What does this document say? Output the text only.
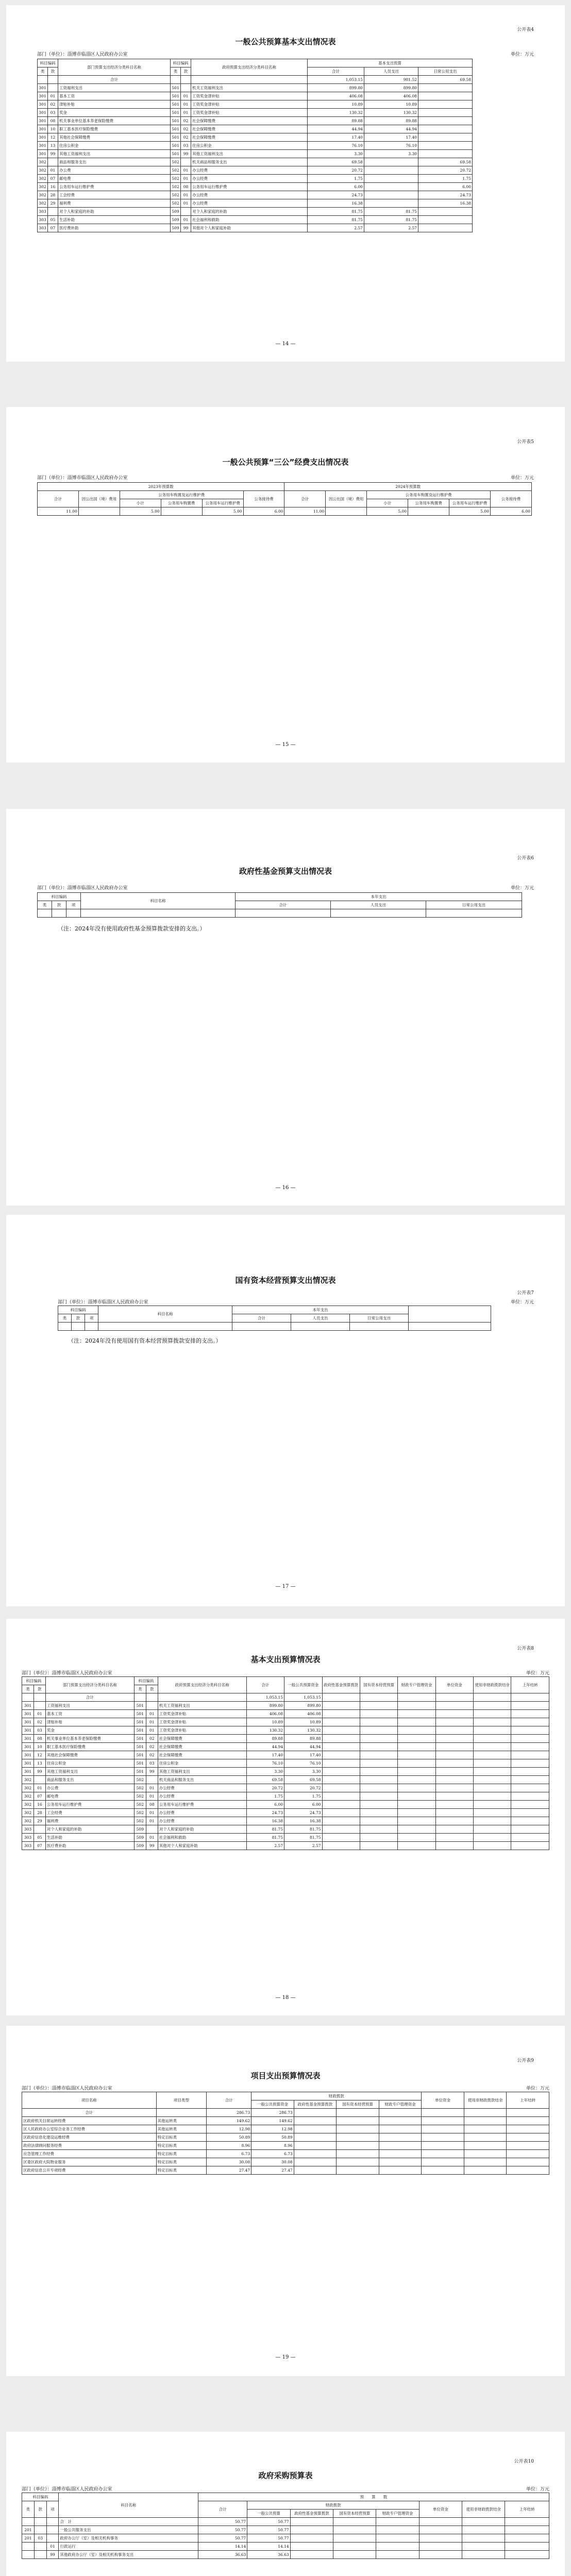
公开表4
一般公共预算基本支出情况表
部门（单位）：淄博市临淄区人民政府办公室	单位：万元
科目编码		部门预算支出经济分类科目名称	科目编码		政府预算支出经济分类科目名称	基本支出预算		
类	款		类	款		合计	人员支出	日常公用支出
		合计				1,053.15	981.52	69.58
301		工资福利支出	501		机关工资福利支出	899.80	899.80	
301	01	基本工资	501	01	工资奖金津补贴	406.08	406.08	
301	02	津贴补贴	501	01	工资奖金津补贴	10.89	10.89	
301	03	奖金	501	01	工资奖金津补贴	130.32	130.32	
301	08	机关事业单位基本养老保险缴费	501	02	社会保障缴费	89.88	89.88	
301	10	职工基本医疗保险缴费	501	02	社会保障缴费	44.94	44.94	
301	12	其他社会保障缴费	501	02	社会保障缴费	17.40	17.40	
301	13	住房公积金	501	03	住房公积金	76.10	76.10	
301	99	其他工资福利支出	501	99	其他工资福利支出	3.30	3.30	
302		商品和服务支出	502		机关商品和服务支出	69.58		69.58
302	01	办公费	502	01	办公经费	20.72		20.72
302	07	邮电费	502	01	办公经费	1.75		1.75
302	16	公务用车运行维护费	502	08	公务用车运行维护费	6.00		6.00
302	28	工会经费	502	01	办公经费	24.73		24.73
302	29	福利费	502	01	办公经费	16.38		16.38
303		对个人和家庭的补助	509		对个人和家庭的补助	81.75	81.75	
303	05	生活补助	509	01	社会福利和救助	81.75	81.75	
303	07	医疗费补助	509	99	其他对个人和家庭补助	2.57	2.57	
— 14 —
公开表5
一般公共预算“三公”经费支出情况表
部门（单位）：淄博市临淄区人民政府办公室	单位：万元
2023年预算数						2024年预算数					
合计	因公出国（境）费用	公务用车购置及运行维护费			公务接待费	合计	因公出国（境）费用	公务用车购置及运行维护费			公务接待费
		小计	公务用车购置费	公务用车运行维护费				小计	公务用车购置费	公务用车运行维护费	
11.00		5.00		5.00	6.00	11.00		5.00		5.00	6.00
— 15 —
公开表6
政府性基金预算支出情况表
部门（单位）：淄博市临淄区人民政府办公室	单位：万元
科目编码			科目名称	本年支出		
类	款	项		合计	人员支出	日常公用支出

（注：2024年没有使用政府性基金预算拨款安排的支出。）
— 16 —
公开表7
国有资本经营预算支出情况表
部门（单位）：淄博市临淄区人民政府办公室	单位：万元
科目编码			科目名称	本年支出			
类	款	项		合计	人员支出	日常公用支出	

（注：2024年没有使用国有资本经营预算拨款安排的支出。）
— 17 —
公开表8
基本支出预算情况表
部门（单位）：淄博市临淄区人民政府办公室	单位：万元
科目编码		部门预算支出经济分类科目名称	科目编码		政府预算支出经济分类科目名称	合计	一般公共预算资金	政府性基金预算拨款	国有资本经营预算	财政专户管理资金	单位资金	使用非财政拨款结余	上年结转
类	款		类	款									
		合计				1,053.15	1,053.15						
301		工资福利支出	501		机关工资福利支出	899.80	899.80						
301	01	基本工资	501	01	工资奖金津补贴	406.08	406.08						
301	02	津贴补贴	501	01	工资奖金津补贴	10.89	10.89						
301	03	奖金	501	01	工资奖金津补贴	130.32	130.32						
301	08	机关事业单位基本养老保险缴费	501	02	社会保障缴费	89.88	89.88						
301	10	职工基本医疗保险缴费	501	02	社会保障缴费	44.94	44.94						
301	12	其他社会保障缴费	501	02	社会保障缴费	17.40	17.40						
301	13	住房公积金	501	03	住房公积金	76.10	76.10						
301	99	其他工资福利支出	501	99	其他工资福利支出	3.30	3.30						
302		商品和服务支出	502		机关商品和服务支出	69.58	69.58						
302	01	办公费	502	01	办公经费	20.72	20.72						
302	07	邮电费	502	01	办公经费	1.75	1.75						
302	16	公务用车运行维护费	502	08	公务用车运行维护费	6.00	6.00						
302	28	工会经费	502	01	办公经费	24.73	24.73						
302	29	福利费	502	01	办公经费	16.38	16.38						
303		对个人和家庭的补助	509		对个人和家庭的补助	81.75	81.75						
303	05	生活补助	509	01	社会福利和救助	81.75	81.75						
303	07	医疗费补助	509	99	其他对个人和家庭补助	2.57	2.57						
— 18 —
公开表9
项目支出预算情况表
部门（单位）：淄博市临淄区人民政府办公室	单位：万元
项目名称	项目类型	合计	财政拨款				单位资金	使用非财政拨款结余	上年结转
			一般公共预算资金	政府性基金预算拨款	国有资本经营预算	财政专户管理资金			
合计		286.73	286.73						
区政府机关日常运转经费	其他运转类	149.62	149.62						
区人民政府办公室综合业务工作经费	其他运转类	12.98	12.98						
区政府信息化建设运维经费	特定目标类	50.89	50.89						
政府法律顾问服务经费	特定目标类	8.96	8.96						
应急管理工作经费	特定目标类	6.73	6.73						
区委区政府大院物业服务	特定目标类	30.08	30.08						
区政府信息公开专项经费	特定目标类	27.47	27.47						
— 19 —
公开表10
政府采购预算表
部门（单位）：淄博市临淄区人民政府办公室	单位：万元
科目编码			科目名称	预　　算　　数							
类	款	项		合计	财政拨款				单位资金	使用非财政拨款结余	上年结转
					一般公共预算	政府性基金预算拨款	国有资本经营预算	财政专户管理资金			
			合　计	50.77	50.77						
201			一般公共服务支出	50.77	50.77						
201	03		政府办公厅（室）及相关机构事务	50.77	50.77						
		01	行政运行	14.14	14.14						
		99	其他政府办公厅（室）及相关机构事务支出	36.63	36.63						
